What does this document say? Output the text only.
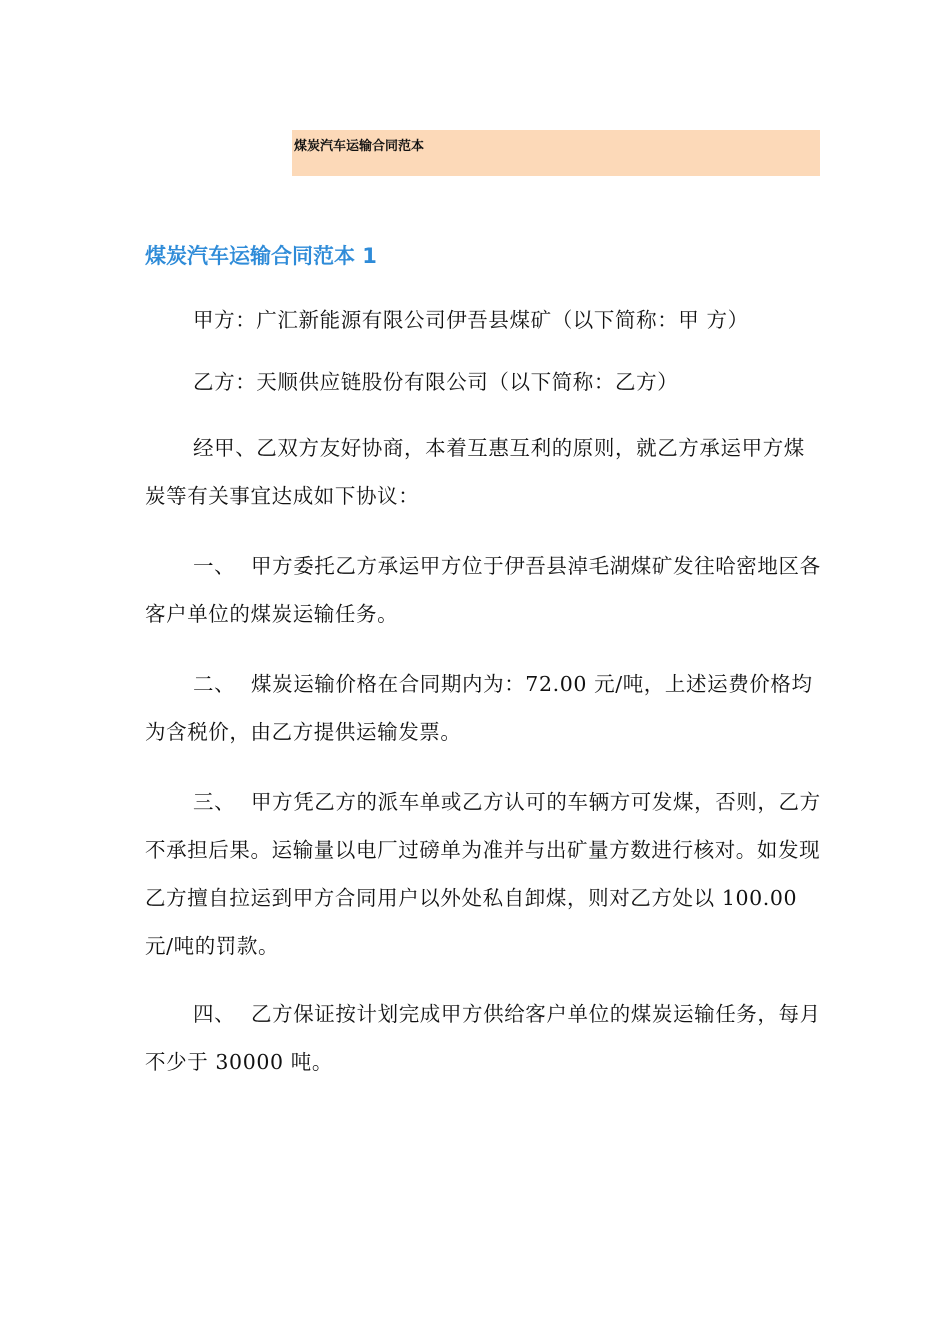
煤炭汽车运输合同范本
煤炭汽车运输合同范本 1

甲方：广汇新能源有限公司伊吾县煤矿（以下简称：甲 方）

乙方：天顺供应链股份有限公司（以下简称：乙方）

经甲、乙双方友好协商，本着互惠互利的原则，就乙方承运甲方煤炭等有关事宜达成如下协议：

一、 甲方委托乙方承运甲方位于伊吾县淖毛湖煤矿发往哈密地区各客户单位的煤炭运输任务。

二、 煤炭运输价格在合同期内为：72.00 元/吨，上述运费价格均为含税价，由乙方提供运输发票。

三、 甲方凭乙方的派车单或乙方认可的车辆方可发煤，否则，乙方不承担后果。运输量以电厂过磅单为准并与出矿量方数进行核对。如发现乙方擅自拉运到甲方合同用户以外处私自卸煤，则对乙方处以 100.00 元/吨的罚款。

四、 乙方保证按计划完成甲方供给客户单位的煤炭运输任务，每月不少于 30000 吨。
